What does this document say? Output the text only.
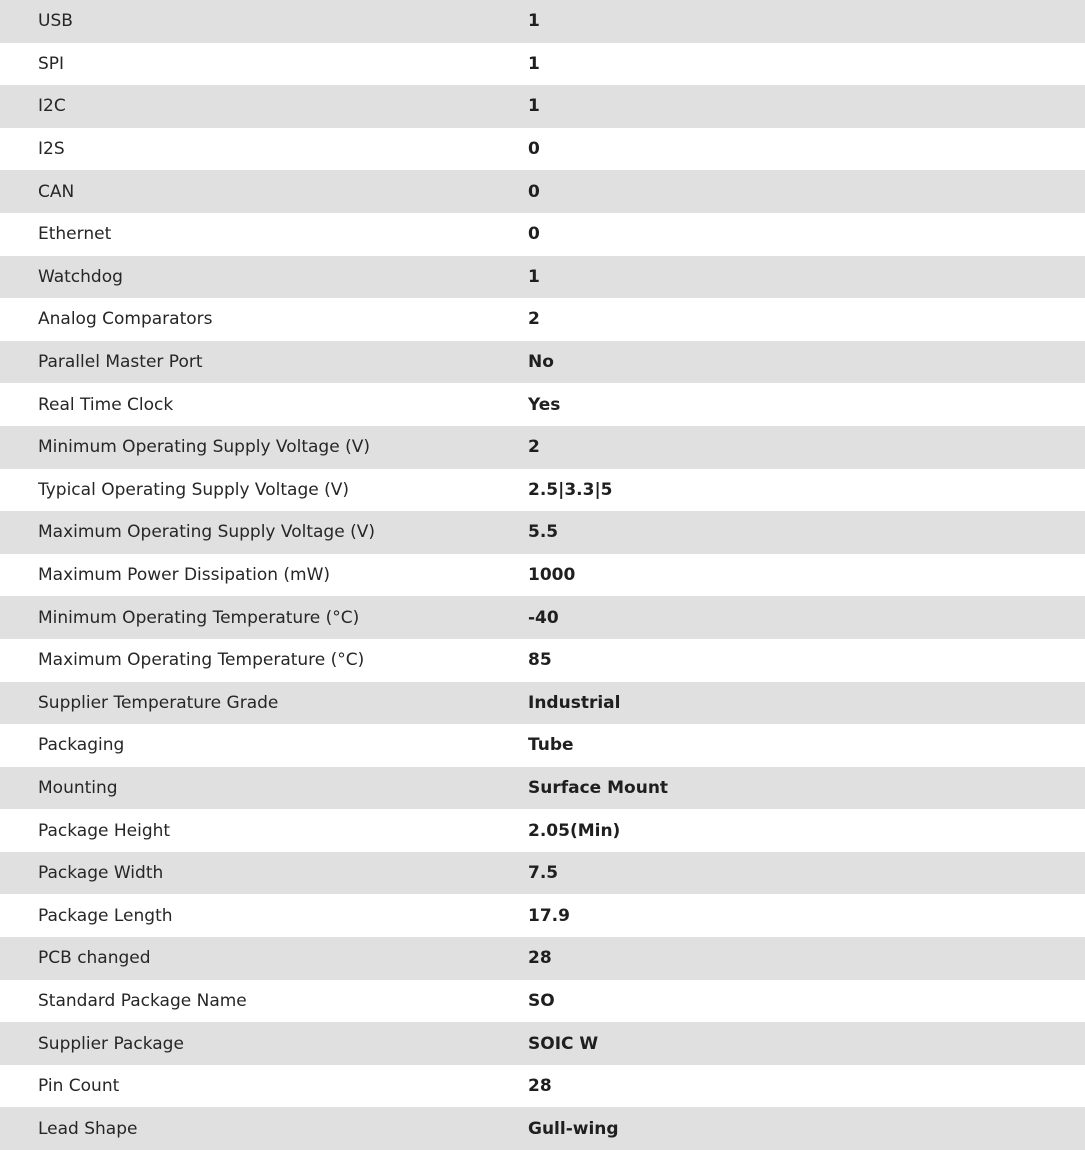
USB	1
SPI	1
I2C	1
I2S	0
CAN	0
Ethernet	0
Watchdog	1
Analog Comparators	2
Parallel Master Port	No
Real Time Clock	Yes
Minimum Operating Supply Voltage (V)	2
Typical Operating Supply Voltage (V)	2.5|3.3|5
Maximum Operating Supply Voltage (V)	5.5
Maximum Power Dissipation (mW)	1000
Minimum Operating Temperature (°C)	-40
Maximum Operating Temperature (°C)	85
Supplier Temperature Grade	Industrial
Packaging	Tube
Mounting	Surface Mount
Package Height	2.05(Min)
Package Width	7.5
Package Length	17.9
PCB changed	28
Standard Package Name	SO
Supplier Package	SOIC W
Pin Count	28
Lead Shape	Gull-wing
